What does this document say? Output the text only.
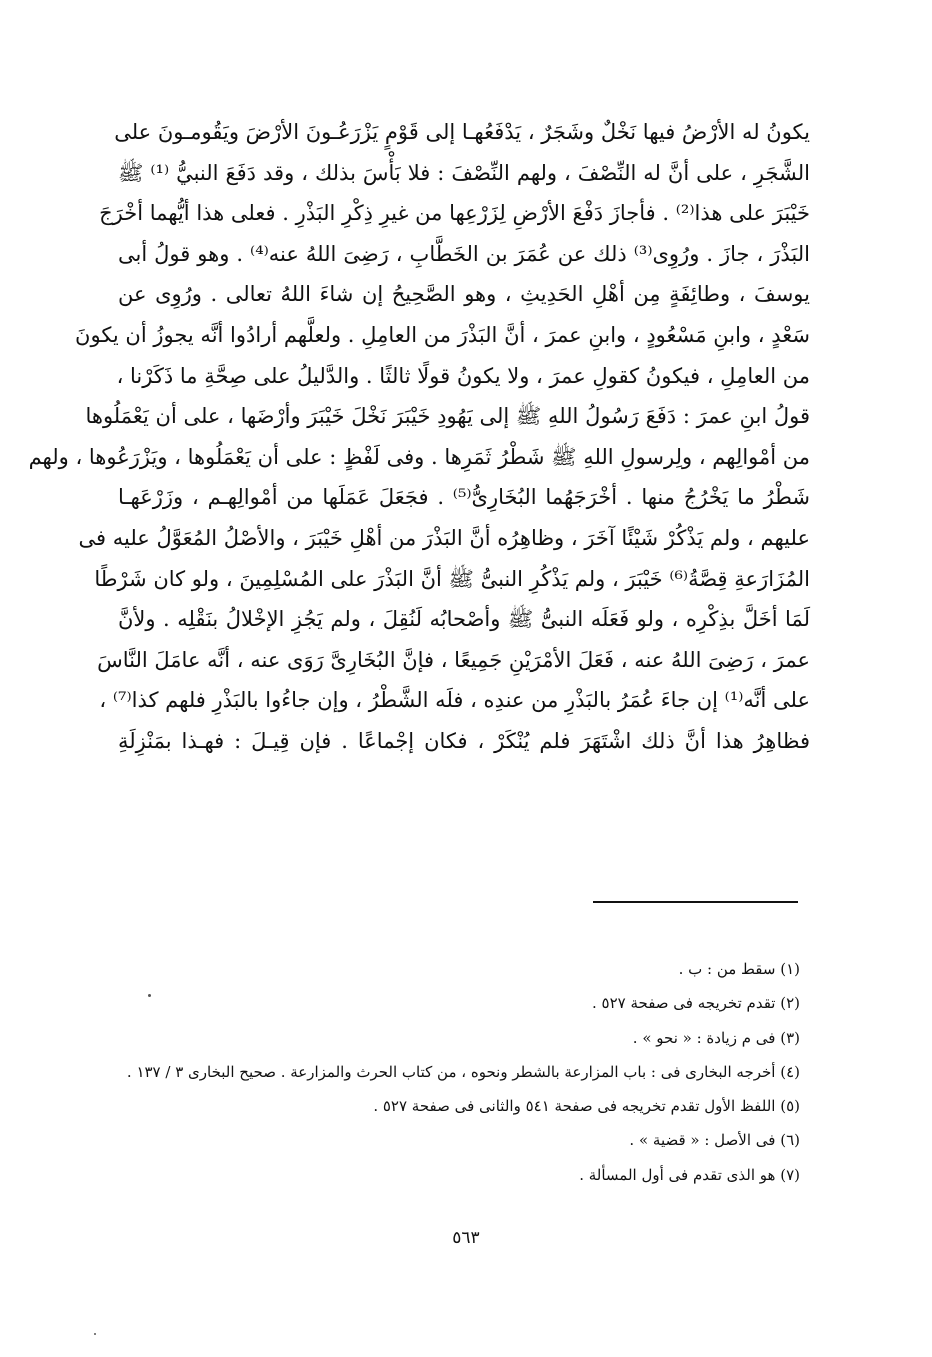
يكونُ له الأرْضُ فيها نَخْلٌ وشَجَرٌ ، يَدْفَعُهـا إلى قَوْمٍ يَزْرَعُـونَ الأرْضَ ويَقُومـونَ على
الشَّجَرِ ، على أنَّ له النِّصْفَ ، ولهم النِّصْفَ : فلا بَأْسَ بذلك ، وقد دَفَعَ النبيُّ ⁽¹⁾ ﷺ
خَيْبَرَ على هذا⁽²⁾ . فأجازَ دَفْعَ الأرْضِ لِزَرْعِها من غيرِ ذِكْرِ البَذْرِ . فعلى هذا أيُّهما أخْرَجَ
البَذْرَ ، جازَ . ورُوِى⁽³⁾ ذلك عن عُمَرَ بن الخَطَّابِ ، رَضِىَ اللهُ عنه⁽⁴⁾ . وهو قولُ أبى
يوسفَ ، وطائِفَةٍ مِن أهْلِ الحَدِيثِ ، وهو الصَّحِيحُ إن شاءَ اللهُ تعالى . ورُوِى عن
سَعْدٍ ، وابنِ مَسْعُودٍ ، وابنِ عمرَ ، أنَّ البَذْرَ من العامِلِ . ولعلَّهم أرادُوا أنَّه يجوزُ أن يكونَ
من العامِلِ ، فيكونُ كقولِ عمرَ ، ولا يكونُ قولًا ثالثًا . والدَّليلُ على صِحَّةِ ما ذَكَرْنا ،
قولُ ابنِ عمرَ : دَفَعَ رَسُولُ اللهِ ﷺ إلى يَهُودِ خَيْبَرَ نَخْلَ خَيْبَرَ وأرْضَها ، على أن يَعْمَلُوها
من أمْوالِهم ، ولِرسولِ اللهِ ﷺ شَطْرُ ثَمَرِها . وفى لَفْظٍ : على أن يَعْمَلُوها ، ويَزْرَعُوها ، ولهم
شَطْرُ ما يَخْرُجُ منها . أخْرَجَهُما البُخَارِىُّ⁽⁵⁾ . فجَعَلَ عَمَلَها من أمْوالِهـم ، وزَرْعَهـا
عليهم ، ولم يَذْكُرْ شَيْئًا آخَرَ ، وظاهِرُه أنَّ البَذْرَ من أهْلِ خَيْبَرَ ، والأصْلُ المُعَوَّلُ عليه فى
المُزَارَعةِ قِصَّةُ⁽⁶⁾ خَيْبَرَ ، ولم يَذْكُرِ النبىُّ ﷺ أنَّ البَذْرَ على المُسْلِمِينَ ، ولو كان شَرْطًا
لَمَا أخَلَّ بذِكْرِه ، ولو فَعَلَه النبىُّ ﷺ وأصْحابُه لَنُقِلَ ، ولم يَجُزِ الإخْلالُ بنَقْلِه . ولأنَّ
عمرَ ، رَضِىَ اللهُ عنه ، فَعَلَ الأمْرَيْنِ جَمِيعًا ، فإنَّ البُخَارِىَّ رَوَى عنه ، أنَّه عامَلَ النَّاسَ
على أنَّه⁽¹⁾ إن جاءَ عُمَرُ بالبَذْرِ من عندِه ، فلَه الشَّطْرُ ، وإن جاءُوا بالبَذْرِ فلهم كذا⁽⁷⁾ ،
فظاهِرُ هذا أنَّ ذلك اشْتَهَرَ فلم يُنْكَرْ ، فكان إجْماعًا . فإن قِيـلَ : فهـذا بمَنْزِلَةِ
(١) سقط من : ب .
(٢) تقدم تخريجه فى صفحة ٥٢٧ .
(٣) فى م زيادة : « نحو » .
(٤) أخرجه البخارى فى : باب المزارعة بالشطر ونحوه ، من كتاب الحرث والمزارعة . صحيح البخارى ٣ / ١٣٧ .
(٥) اللفظ الأول تقدم تخريجه فى صفحة ٥٤١ والثانى فى صفحة ٥٢٧ .
(٦) فى الأصل : « قضية » .
(٧) هو الذى تقدم فى أول المسألة .
٥٦٣
